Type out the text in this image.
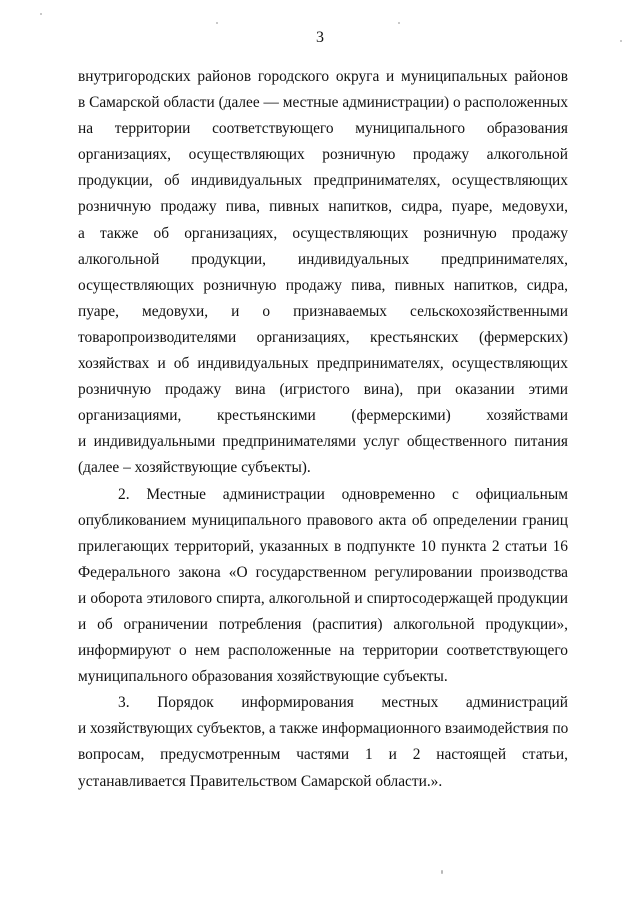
3
внутригородских районов городского округа и муниципальных районов
в Самарской области (далее — местные администрации) о расположенных
на территории соответствующего муниципального образования
организациях, осуществляющих розничную продажу алкогольной
продукции, об индивидуальных предпринимателях, осуществляющих
розничную продажу пива, пивных напитков, сидра, пуаре, медовухи,
а также об организациях, осуществляющих розничную продажу
алкогольной продукции, индивидуальных предпринимателях,
осуществляющих розничную продажу пива, пивных напитков, сидра,
пуаре, медовухи, и о признаваемых сельскохозяйственными
товаропроизводителями организациях, крестьянских (фермерских)
хозяйствах и об индивидуальных предпринимателях, осуществляющих
розничную продажу вина (игристого вина), при оказании этими
организациями, крестьянскими (фермерскими) хозяйствами
и индивидуальными предпринимателями услуг общественного питания
(далее – хозяйствующие субъекты).
2. Местные администрации одновременно с официальным
опубликованием муниципального правового акта об определении границ
прилегающих территорий, указанных в подпункте 10 пункта 2 статьи 16
Федерального закона «О государственном регулировании производства
и оборота этилового спирта, алкогольной и спиртосодержащей продукции
и об ограничении потребления (распития) алкогольной продукции»,
информируют о нем расположенные на территории соответствующего
муниципального образования хозяйствующие субъекты.
3. Порядок информирования местных администраций
и хозяйствующих субъектов, а также информационного взаимодействия по
вопросам, предусмотренным частями 1 и 2 настоящей статьи,
устанавливается Правительством Самарской области.».
